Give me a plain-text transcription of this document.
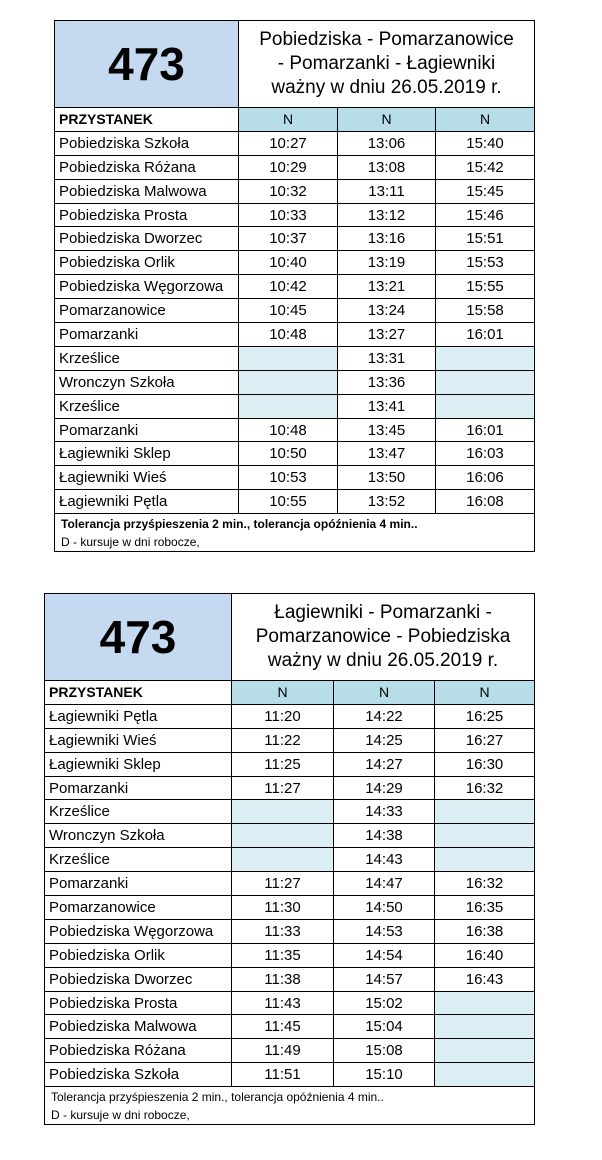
473	Pobiedziska - Pomarzanowice
- Pomarzanki - Łagiewniki
ważny w dniu 26.05.2019 r.		

PRZYSTANEK	N	N	N
Pobiedziska Szkoła	10:27	13:06	15:40
Pobiedziska Różana	10:29	13:08	15:42
Pobiedziska Malwowa	10:32	13:11	15:45
Pobiedziska Prosta	10:33	13:12	15:46
Pobiedziska Dworzec	10:37	13:16	15:51
Pobiedziska Orlik	10:40	13:19	15:53
Pobiedziska Węgorzowa	10:42	13:21	15:55
Pomarzanowice	10:45	13:24	15:58
Pomarzanki	10:48	13:27	16:01
Krześlice		13:31	
Wronczyn Szkoła		13:36	
Krześlice		13:41	
Pomarzanki	10:48	13:45	16:01
Łagiewniki Sklep	10:50	13:47	16:03
Łagiewniki Wieś	10:53	13:50	16:06
Łagiewniki Pętla	10:55	13:52	16:08
Tolerancja przyśpieszenia 2 min., tolerancja opóźnienia 4 min..			
D - kursuje w dni robocze,			
473	Łagiewniki - Pomarzanki -
Pomarzanowice - Pobiedziska
ważny w dniu 26.05.2019 r.		

PRZYSTANEK	N	N	N
Łagiewniki Pętla	11:20	14:22	16:25
Łagiewniki Wieś	11:22	14:25	16:27
Łagiewniki Sklep	11:25	14:27	16:30
Pomarzanki	11:27	14:29	16:32
Krześlice		14:33	
Wronczyn Szkoła		14:38	
Krześlice		14:43	
Pomarzanki	11:27	14:47	16:32
Pomarzanowice	11:30	14:50	16:35
Pobiedziska Węgorzowa	11:33	14:53	16:38
Pobiedziska Orlik	11:35	14:54	16:40
Pobiedziska Dworzec	11:38	14:57	16:43
Pobiedziska Prosta	11:43	15:02	
Pobiedziska Malwowa	11:45	15:04	
Pobiedziska Różana	11:49	15:08	
Pobiedziska Szkoła	11:51	15:10	
Tolerancja przyśpieszenia 2 min., tolerancja opóźnienia 4 min..			
D - kursuje w dni robocze,			
